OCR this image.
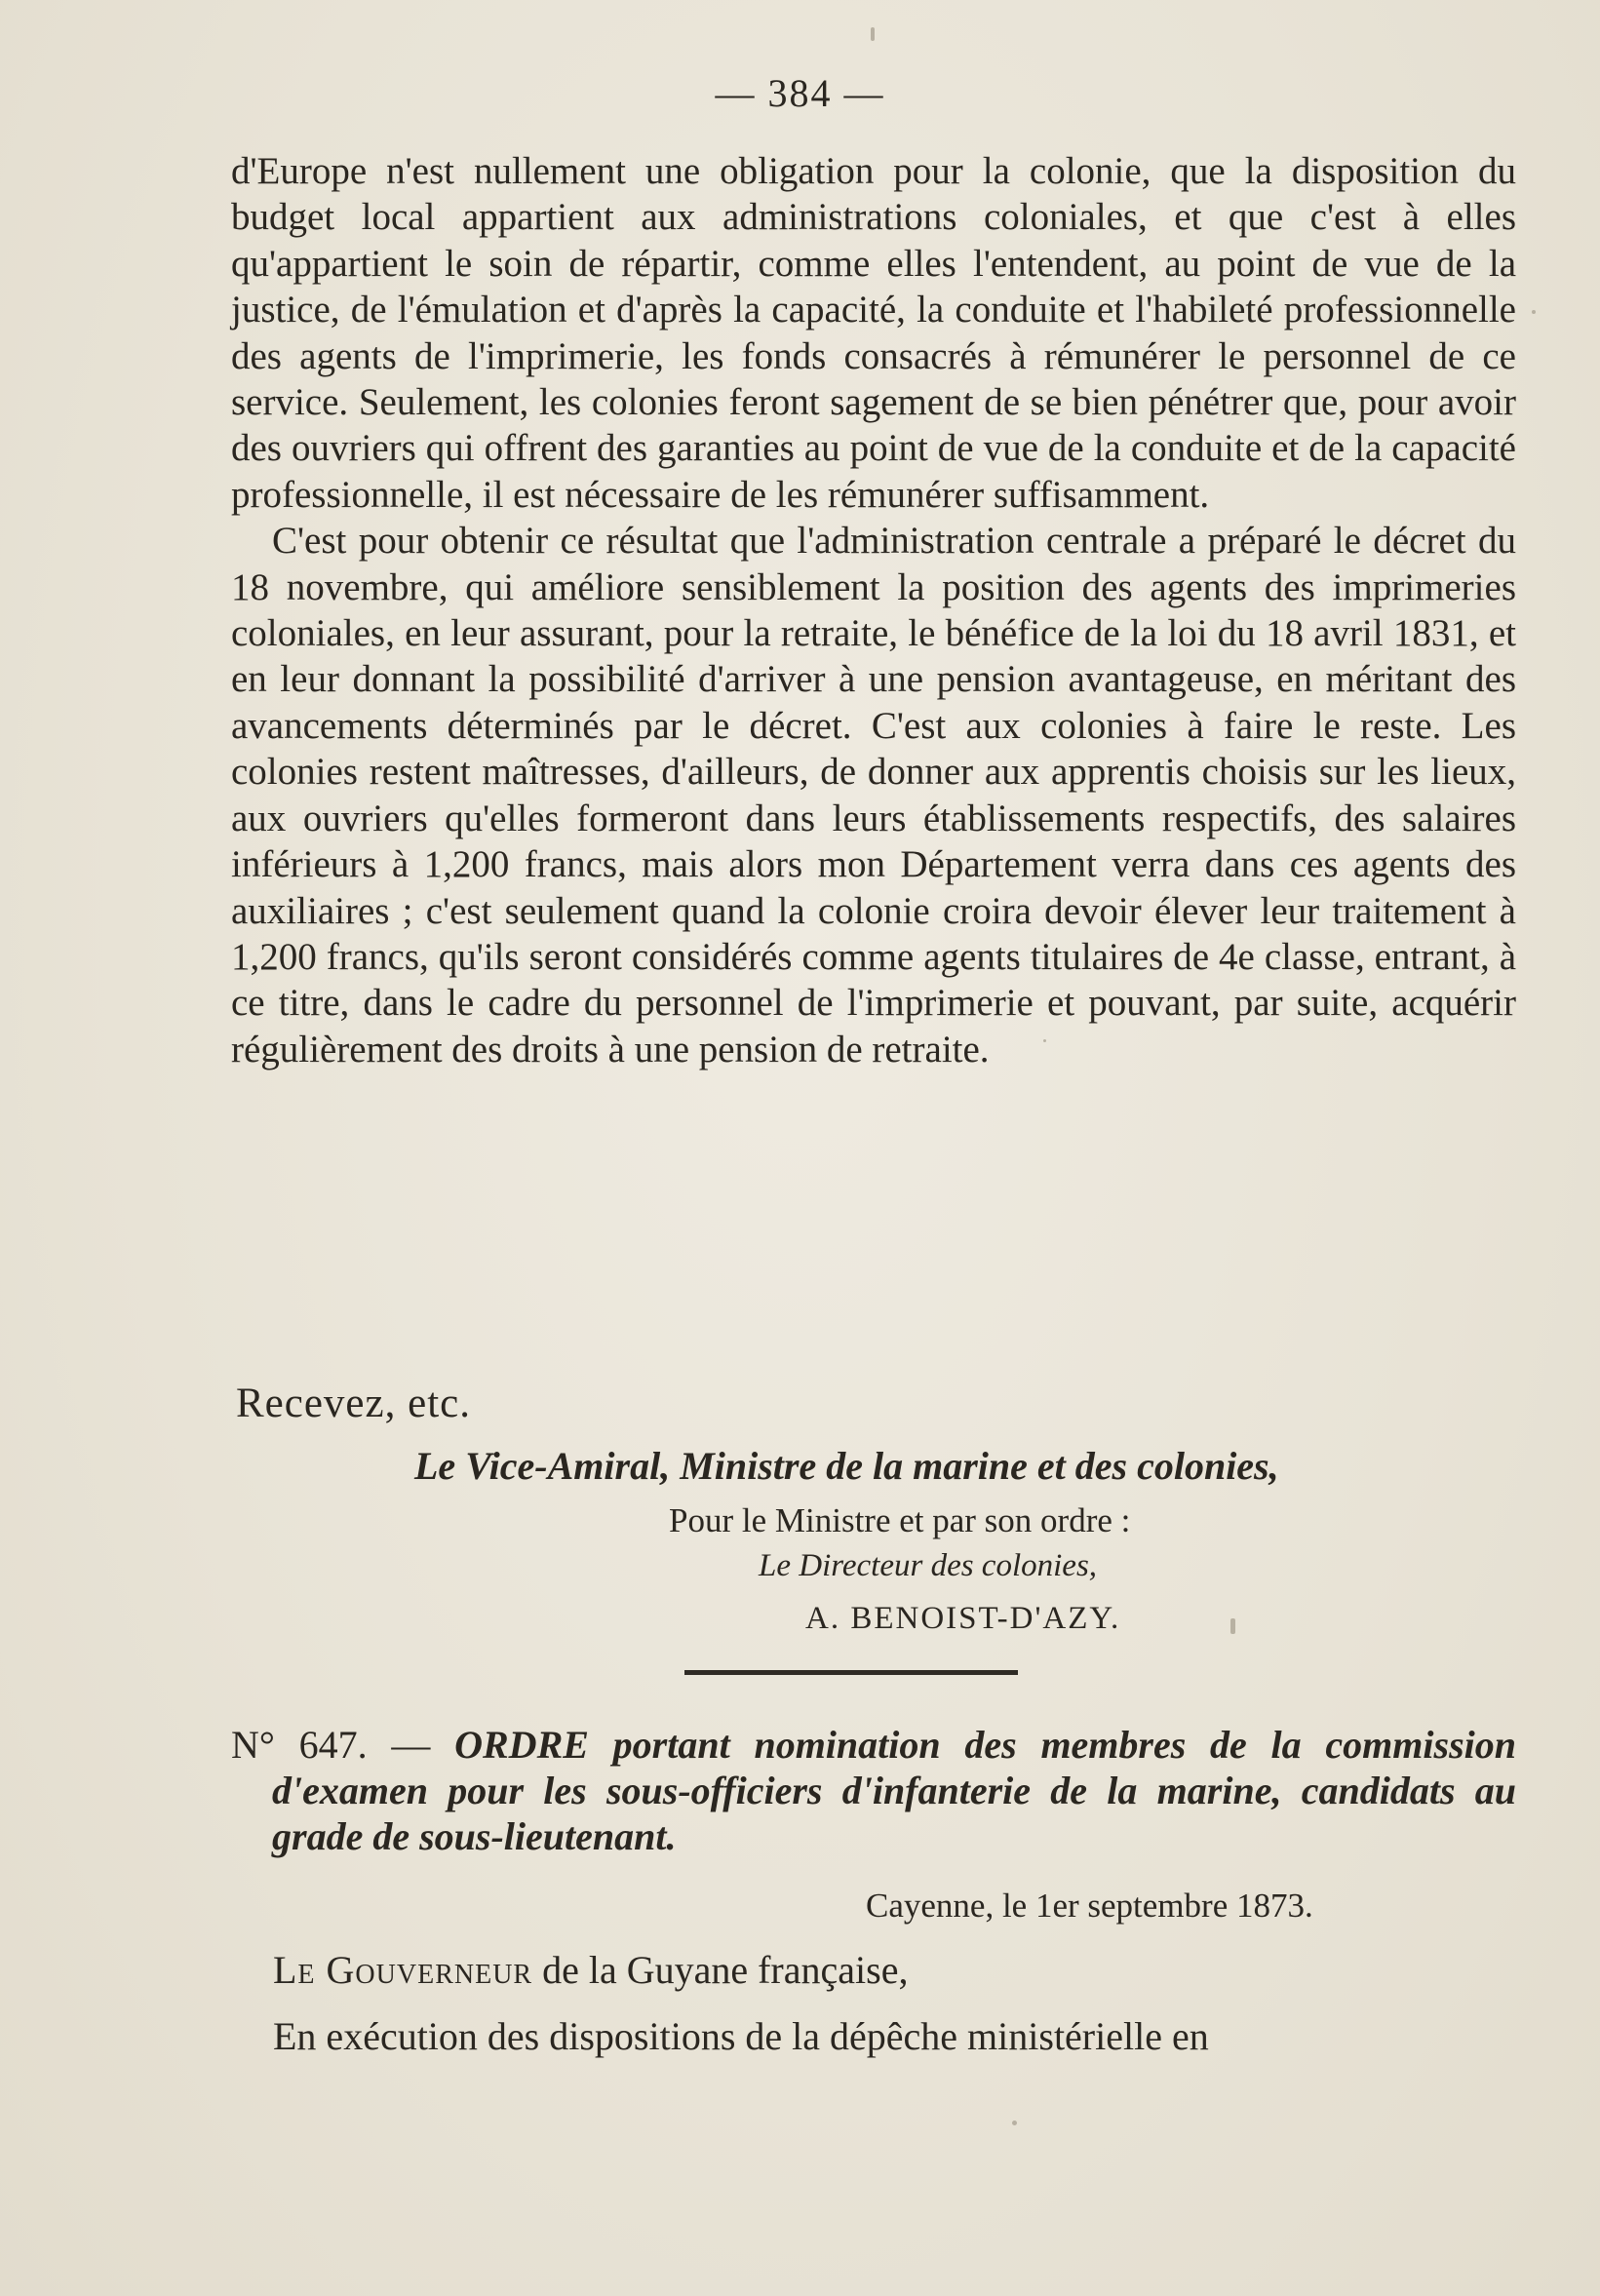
— 384 —

d'Europe n'est nullement une obligation pour la colonie, que la disposition du budget local appartient aux administrations coloniales, et que c'est à elles qu'appartient le soin de répartir, comme elles l'entendent, au point de vue de la justice, de l'émulation et d'après la capacité, la conduite et l'habileté professionnelle des agents de l'imprimerie, les fonds consacrés à rémunérer le personnel de ce service. Seulement, les colonies feront sagement de se bien pénétrer que, pour avoir des ouvriers qui offrent des garanties au point de vue de la conduite et de la capacité professionnelle, il est nécessaire de les rémunérer suffisamment.

C'est pour obtenir ce résultat que l'administration centrale a préparé le décret du 18 novembre, qui améliore sensiblement la position des agents des imprimeries coloniales, en leur assurant, pour la retraite, le bénéfice de la loi du 18 avril 1831, et en leur donnant la possibilité d'arriver à une pension avantageuse, en méritant des avancements déterminés par le décret. C'est aux colonies à faire le reste. Les colonies restent maîtresses, d'ailleurs, de donner aux apprentis choisis sur les lieux, aux ouvriers qu'elles formeront dans leurs établissements respectifs, des salaires inférieurs à 1,200 francs, mais alors mon Département verra dans ces agents des auxiliaires ; c'est seulement quand la colonie croira devoir élever leur traitement à 1,200 francs, qu'ils seront considérés comme agents titulaires de 4e classe, entrant, à ce titre, dans le cadre du personnel de l'imprimerie et pouvant, par suite, acquérir régulièrement des droits à une pension de retraite.

Recevez, etc.
Le Vice-Amiral, Ministre de la marine et des colonies,
Pour le Ministre et par son ordre :
Le Directeur des colonies,
A. BENOIST-D'AZY.

N° 647. — ORDRE portant nomination des membres de la commission d'examen pour les sous-officiers d'infanterie de la marine, candidats au grade de sous-lieutenant.

Cayenne, le 1er septembre 1873.
Le Gouverneur de la Guyane française,
En exécution des dispositions de la dépêche ministérielle en
